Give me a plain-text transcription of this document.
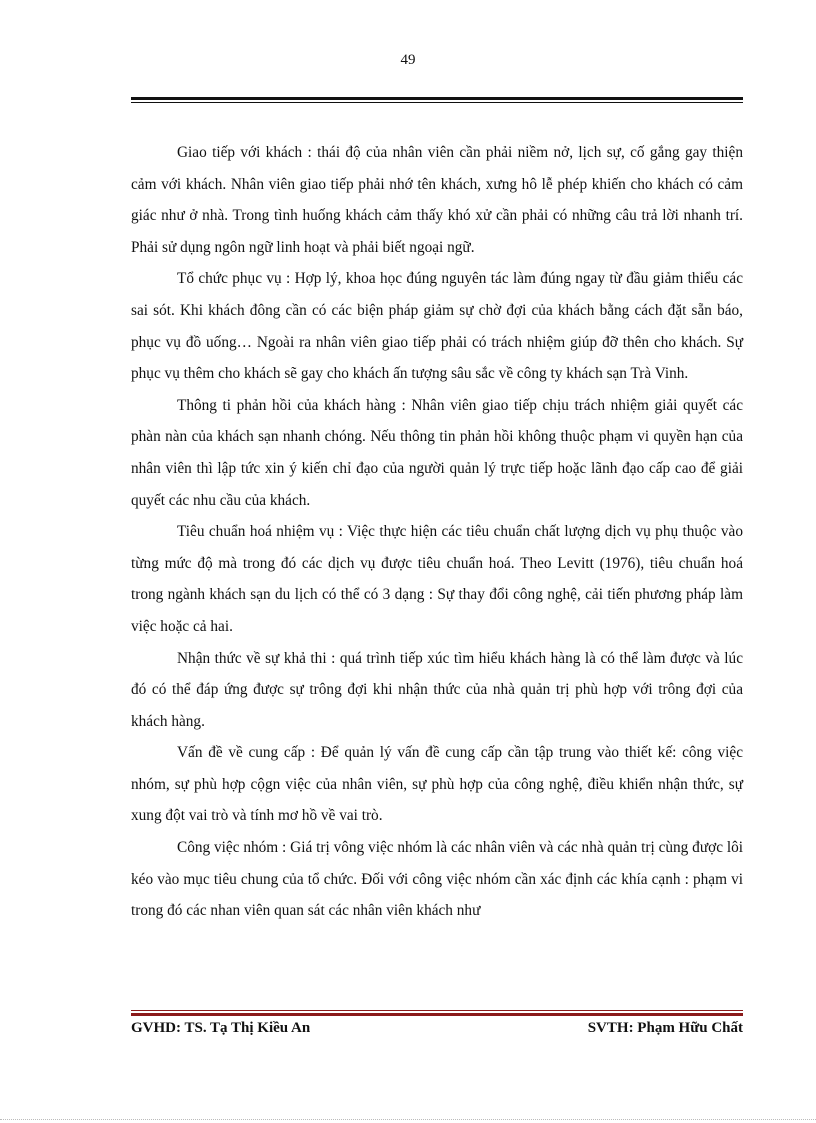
49

Giao tiếp với khách : thái độ của nhân viên cần phải niềm nở, lịch sự, cố gắng gay thiện cảm với khách. Nhân viên giao tiếp phải nhớ tên khách, xưng hô lễ phép khiến cho khách có cảm giác như ở nhà. Trong tình huống khách cảm thấy khó xử cần phải có những câu trả lời nhanh trí. Phải sử dụng ngôn ngữ linh hoạt và phải biết ngoại ngữ.

Tổ chức phục vụ : Hợp lý, khoa học đúng nguyên tác làm đúng ngay từ đầu giảm thiểu các sai sót. Khi khách đông cần có các biện pháp giảm sự chờ đợi của khách bằng cách đặt sẵn báo, phục vụ đồ uống… Ngoài ra nhân viên giao tiếp phải có trách nhiệm giúp đỡ thên cho khách. Sự phục vụ thêm cho khách sẽ gay cho khách ấn tượng sâu sắc về công ty khách sạn Trà Vinh.

Thông ti phản hồi của khách hàng : Nhân viên giao tiếp chịu trách nhiệm giải quyết các phàn nàn của khách sạn nhanh chóng. Nếu thông tin phản hồi không thuộc phạm vi quyền hạn của nhân viên thì lập tức xin ý kiến chỉ đạo của người quản lý trực tiếp hoặc lãnh đạo cấp cao để giải quyết các nhu cầu của khách.

Tiêu chuẩn hoá nhiệm vụ : Việc thực hiện các tiêu chuẩn chất lượng dịch vụ phụ thuộc vào từng mức độ mà trong đó các dịch vụ được tiêu chuẩn hoá. Theo Levitt (1976), tiêu chuẩn hoá trong ngành khách sạn du lịch có thể có 3 dạng : Sự thay đổi công nghệ, cải tiến phương pháp làm việc hoặc cả hai.

Nhận thức về sự khả thi : quá trình tiếp xúc tìm hiểu khách hàng là có thể làm được và lúc đó có thể đáp ứng được sự trông đợi khi nhận thức của nhà quản trị phù hợp với trông đợi của khách hàng.

Vấn đề về cung cấp : Để quản lý vấn đề cung cấp cần tập trung vào thiết kế: công việc nhóm, sự phù hợp cộgn việc của nhân viên, sự phù hợp của công nghệ, điều khiển nhận thức, sự xung đột vai trò và tính mơ hồ về vai trò.

Công việc nhóm : Giá trị vông việc nhóm là các nhân viên và các nhà quản trị cùng được lôi kéo vào mục tiêu chung của tổ chức. Đối với công việc nhóm cần xác định các khía cạnh : phạm vi trong đó các nhan viên quan sát các nhân viên khách như

GVHD: TS. Tạ Thị Kiều An	SVTH: Phạm Hữu Chất
